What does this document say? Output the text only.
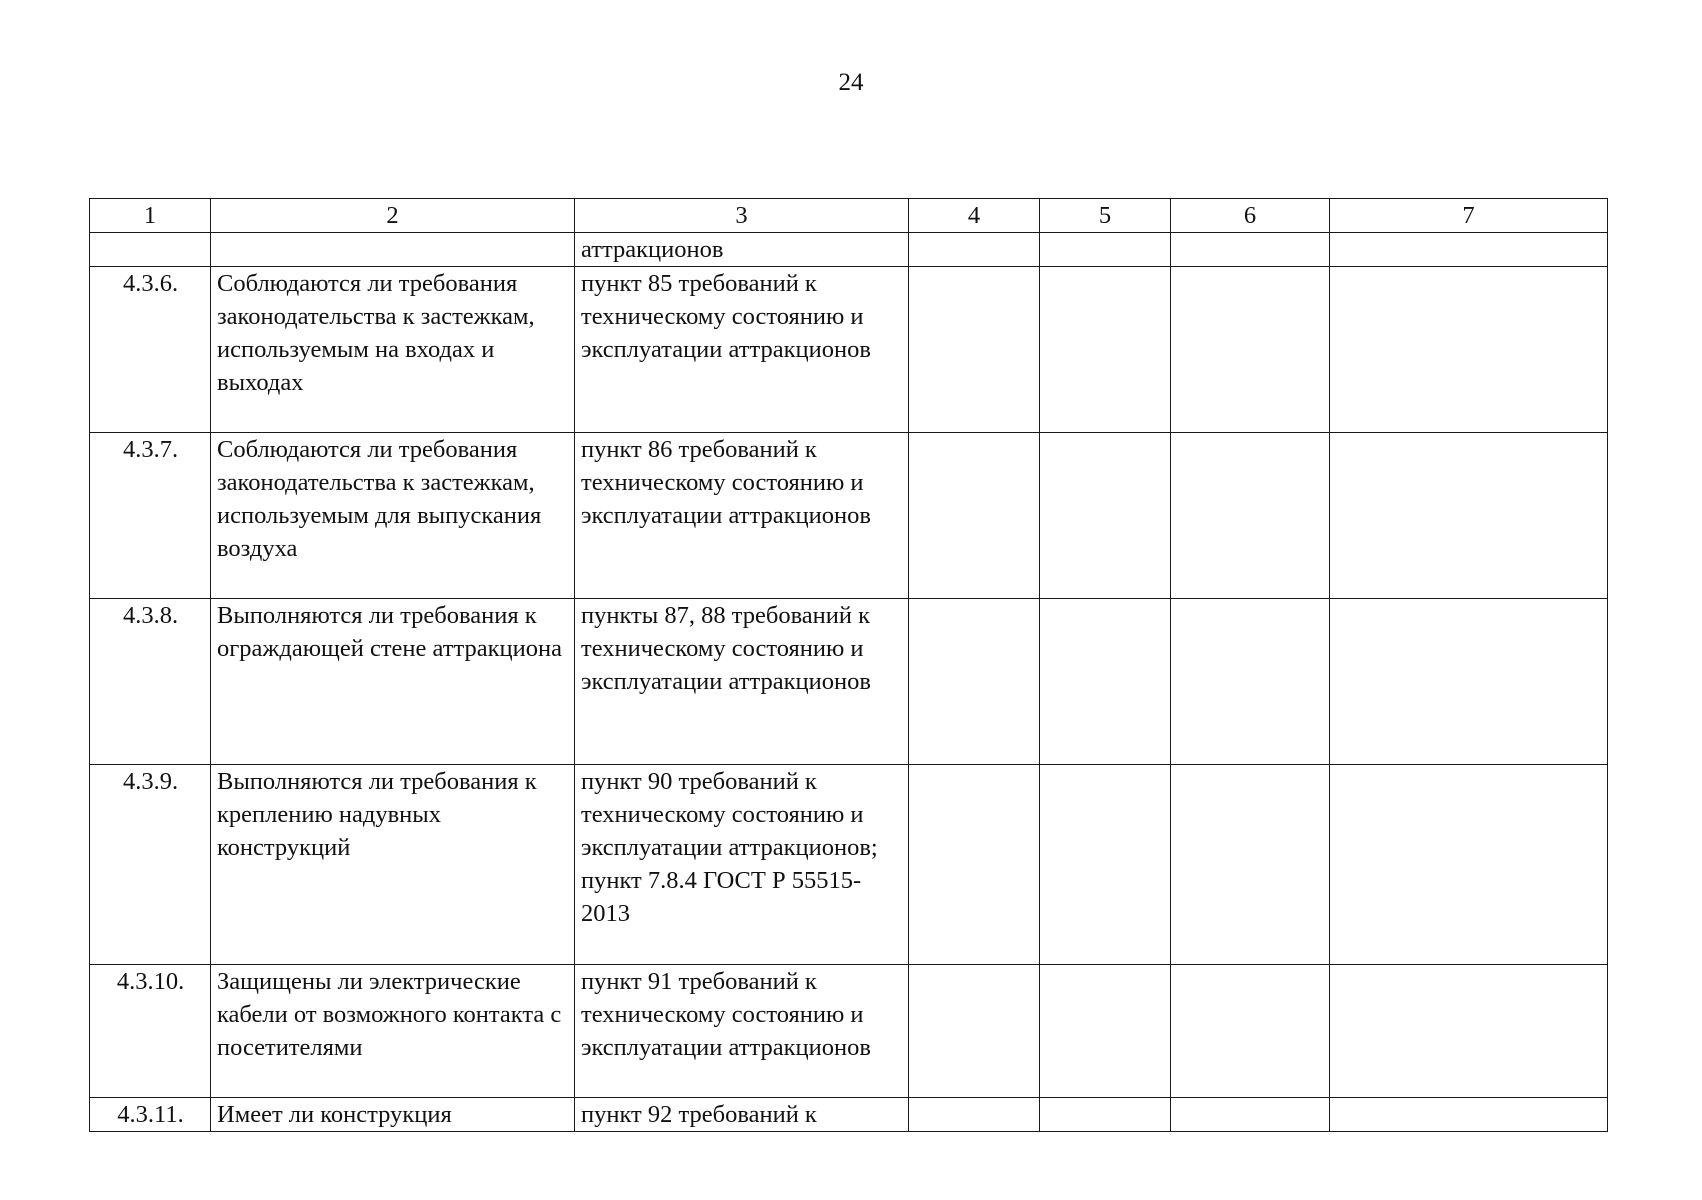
24
1	2	3	4	5	6	7
		аттракционов				
4.3.6.	Соблюдаются ли требования законодательства к застежкам, используемым на входах и выходах	пункт 85 требований к техническому состоянию и эксплуатации аттракционов				
4.3.7.	Соблюдаются ли требования законодательства к застежкам, используемым для выпускания воздуха	пункт 86 требований к техническому состоянию и эксплуатации аттракционов				
4.3.8.	Выполняются ли требования к ограждающей стене аттракциона	пункты 87, 88 требований к техническому состоянию и эксплуатации аттракционов				
4.3.9.	Выполняются ли требования к креплению надувных конструкций	пункт 90 требований к техническому состоянию и эксплуатации аттракционов;
пункт 7.8.4 ГОСТ Р 55515-2013				
4.3.10.	Защищены ли электрические кабели от возможного контакта с посетителями	пункт 91 требований к техническому состоянию и эксплуатации аттракционов				
4.3.11.	Имеет ли конструкция	пункт 92 требований к				
